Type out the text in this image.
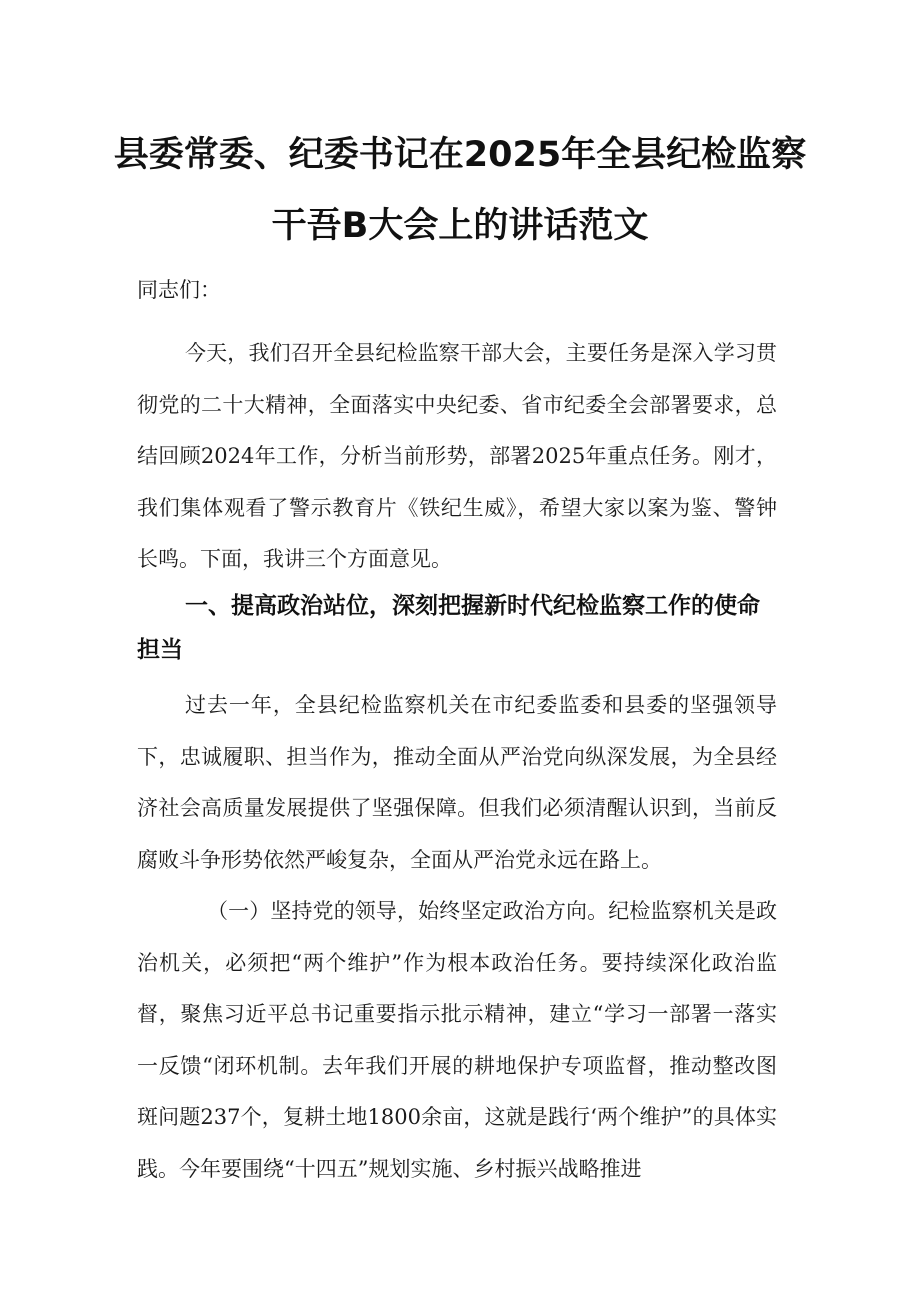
县委常委、纪委书记在2025年全县纪检监察
干吾B大会上的讲话范文
同志们：
今天，我们召开全县纪检监察干部大会，主要任务是深入学习贯彻党的二十大精神，全面落实中央纪委、省市纪委全会部署要求，总结回顾2024年工作，分析当前形势，部署2025年重点任务。刚才，我们集体观看了警示教育片《铁纪生威》，希望大家以案为鉴、警钟长鸣。下面，我讲三个方面意见。
一、提高政治站位，深刻把握新时代纪检监察工作的使命担当
过去一年，全县纪检监察机关在市纪委监委和县委的坚强领导下，忠诚履职、担当作为，推动全面从严治党向纵深发展，为全县经济社会高质量发展提供了坚强保障。但我们必须清醒认识到，当前反腐败斗争形势依然严峻复杂，全面从严治党永远在路上。
（一）坚持党的领导，始终坚定政治方向。纪检监察机关是政治机关，必须把“两个维护”作为根本政治任务。要持续深化政治监督，聚焦习近平总书记重要指示批示精神，建立“学习一部署一落实一反馈“闭环机制。去年我们开展的耕地保护专项监督，推动整改图斑问题237个，复耕土地1800余亩，这就是践行‘两个维护”的具体实践。今年要围绕“十四五”规划实施、乡村振兴战略推进
